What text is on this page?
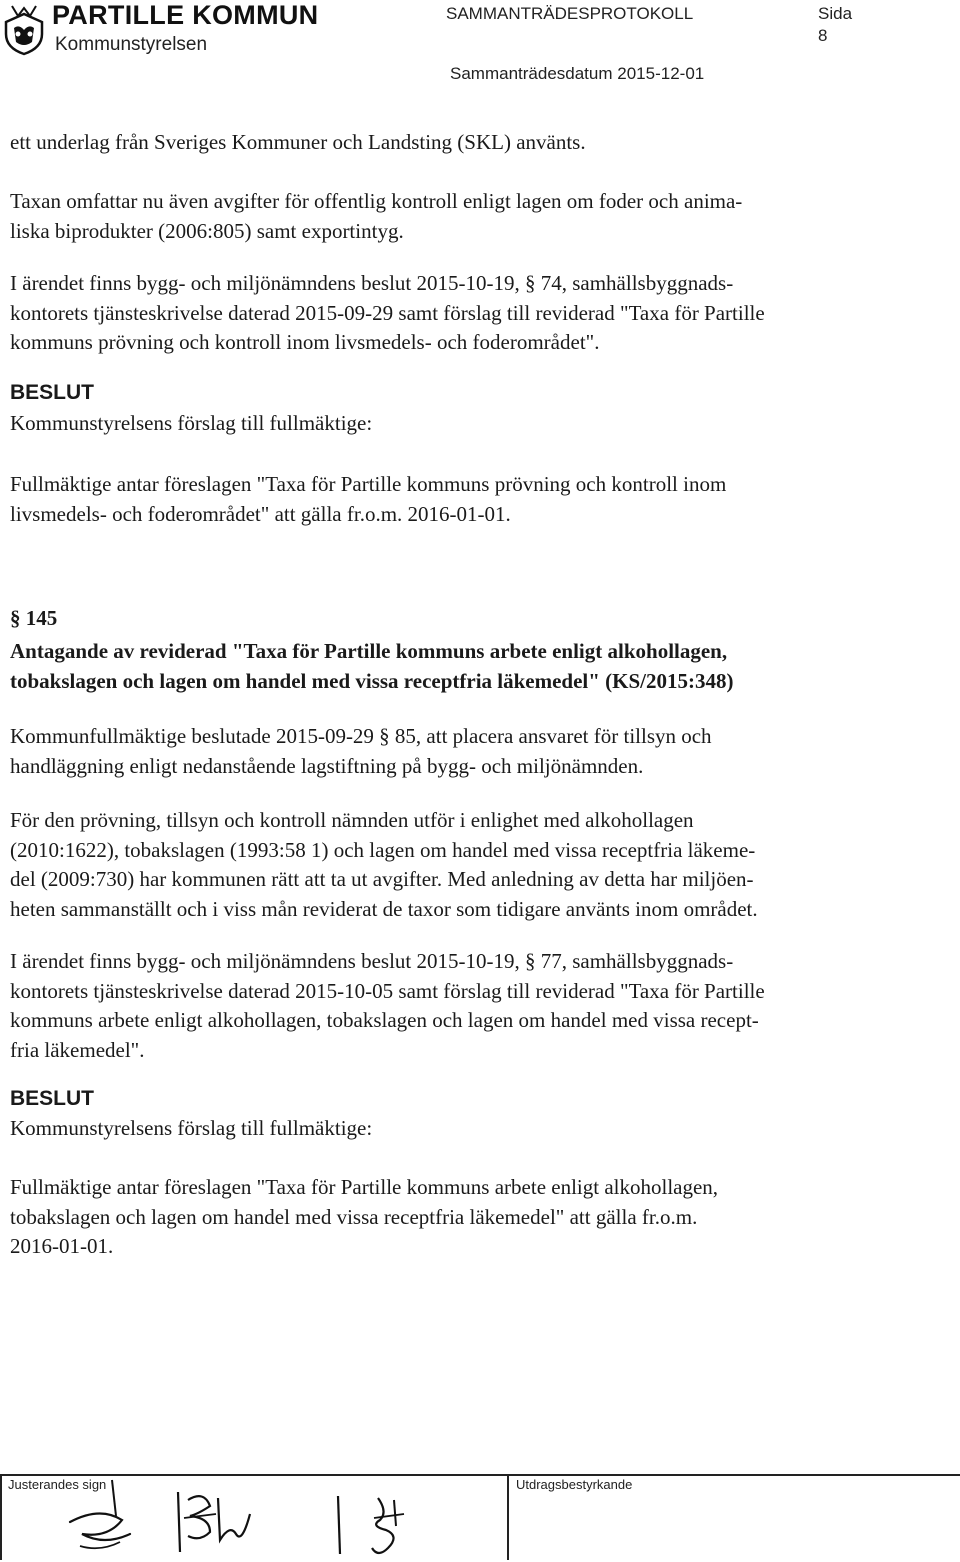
PARTILLE KOMMUN
Kommunstyrelsen
SAMMANTRÄDESPROTOKOLL	Sida
8
Sammanträdesdatum 2015-12-01
ett underlag från Sveriges Kommuner och Landsting (SKL) använts.
Taxan omfattar nu även avgifter för offentlig kontroll enligt lagen om foder och anima-
liska biprodukter (2006:805) samt exportintyg.
I ärendet finns bygg- och miljönämndens beslut 2015-10-19, § 74, samhällsbyggnads-
kontorets tjänsteskrivelse daterad 2015-09-29 samt förslag till reviderad "Taxa för Partille
kommuns prövning och kontroll inom livsmedels- och foderområdet".
BESLUT
Kommunstyrelsens förslag till fullmäktige:
Fullmäktige antar föreslagen "Taxa för Partille kommuns prövning och kontroll inom
livsmedels- och foderområdet" att gälla fr.o.m. 2016-01-01.
§ 145
Antagande av reviderad "Taxa för Partille kommuns arbete enligt alkohollagen,
tobakslagen och lagen om handel med vissa receptfria läkemedel" (KS/2015:348)
Kommunfullmäktige beslutade 2015-09-29 § 85, att placera ansvaret för tillsyn och
handläggning enligt nedanstående lagstiftning på bygg- och miljönämnden.
För den prövning, tillsyn och kontroll nämnden utför i enlighet med alkohollagen
(2010:1622), tobakslagen (1993:58 1) och lagen om handel med vissa receptfria läkeme-
del (2009:730) har kommunen rätt att ta ut avgifter. Med anledning av detta har miljöen-
heten sammanställt och i viss mån reviderat de taxor som tidigare använts inom området.
I ärendet finns bygg- och miljönämndens beslut 2015-10-19, § 77, samhällsbyggnads-
kontorets tjänsteskrivelse daterad 2015-10-05 samt förslag till reviderad "Taxa för Partille
kommuns arbete enligt alkohollagen, tobakslagen och lagen om handel med vissa recept-
fria läkemedel".
BESLUT
Kommunstyrelsens förslag till fullmäktige:
Fullmäktige antar föreslagen "Taxa för Partille kommuns arbete enligt alkohollagen,
tobakslagen och lagen om handel med vissa receptfria läkemedel" att gälla fr.o.m.
2016-01-01.
Justerandes sign	Utdragsbestyrkande
